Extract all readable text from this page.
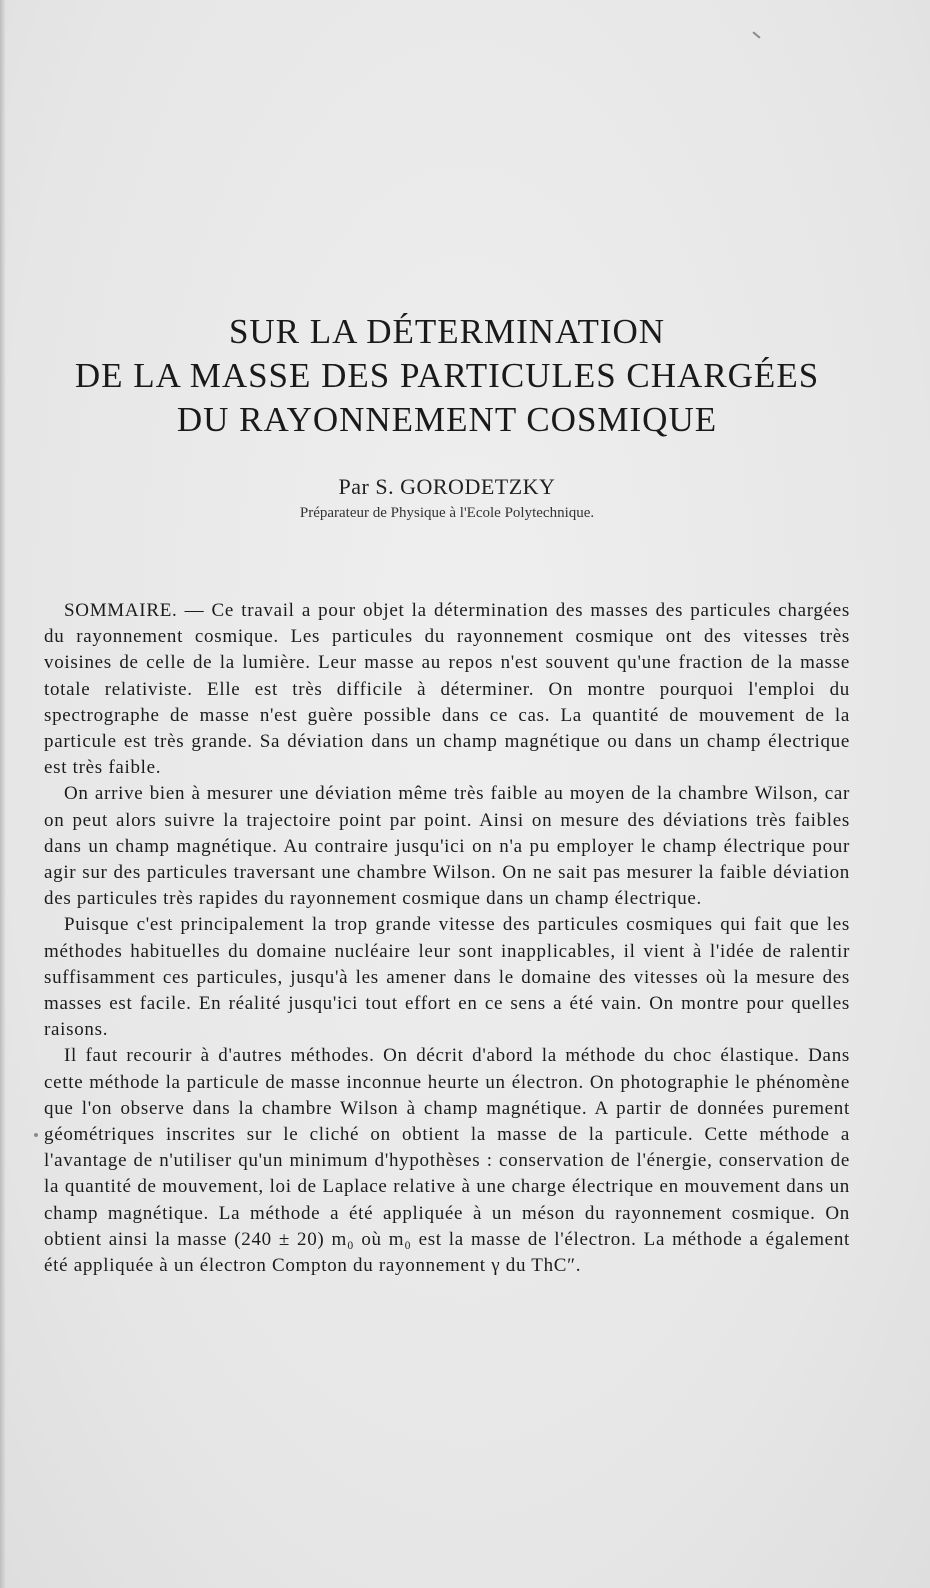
SUR LA DÉTERMINATION
DE LA MASSE DES PARTICULES CHARGÉES
DU RAYONNEMENT COSMIQUE
Par S. GORODETZKY
Préparateur de Physique à l'Ecole Polytechnique.

SOMMAIRE. — Ce travail a pour objet la détermination des masses des particules chargées du rayonnement cosmique. Les particules du rayonnement cosmique ont des vitesses très voisines de celle de la lumière. Leur masse au repos n'est souvent qu'une fraction de la masse totale relativiste. Elle est très difficile à déterminer. On montre pourquoi l'emploi du spectrographe de masse n'est guère possible dans ce cas. La quantité de mouvement de la particule est très grande. Sa déviation dans un champ magnétique ou dans un champ électrique est très faible.

On arrive bien à mesurer une déviation même très faible au moyen de la chambre Wilson, car on peut alors suivre la trajectoire point par point. Ainsi on mesure des déviations très faibles dans un champ magnétique. Au contraire jusqu'ici on n'a pu employer le champ électrique pour agir sur des particules traversant une chambre Wilson. On ne sait pas mesurer la faible déviation des particules très rapides du rayonnement cosmique dans un champ électrique.

Puisque c'est principalement la trop grande vitesse des particules cosmiques qui fait que les méthodes habituelles du domaine nucléaire leur sont inapplicables, il vient à l'idée de ralentir suffisamment ces particules, jusqu'à les amener dans le domaine des vitesses où la mesure des masses est facile. En réalité jusqu'ici tout effort en ce sens a été vain. On montre pour quelles raisons.

Il faut recourir à d'autres méthodes. On décrit d'abord la méthode du choc élastique. Dans cette méthode la particule de masse inconnue heurte un électron. On photographie le phénomène que l'on observe dans la chambre Wilson à champ magnétique. A partir de données purement géométriques inscrites sur le cliché on obtient la masse de la particule. Cette méthode a l'avantage de n'utiliser qu'un minimum d'hypothèses : conservation de l'énergie, conservation de la quantité de mouvement, loi de Laplace relative à une charge électrique en mouvement dans un champ magnétique. La méthode a été appliquée à un méson du rayonnement cosmique. On obtient ainsi la masse (240 ± 20) m₀ où m₀ est la masse de l'électron. La méthode a également été appliquée à un électron Compton du rayonnement γ du ThC″.
